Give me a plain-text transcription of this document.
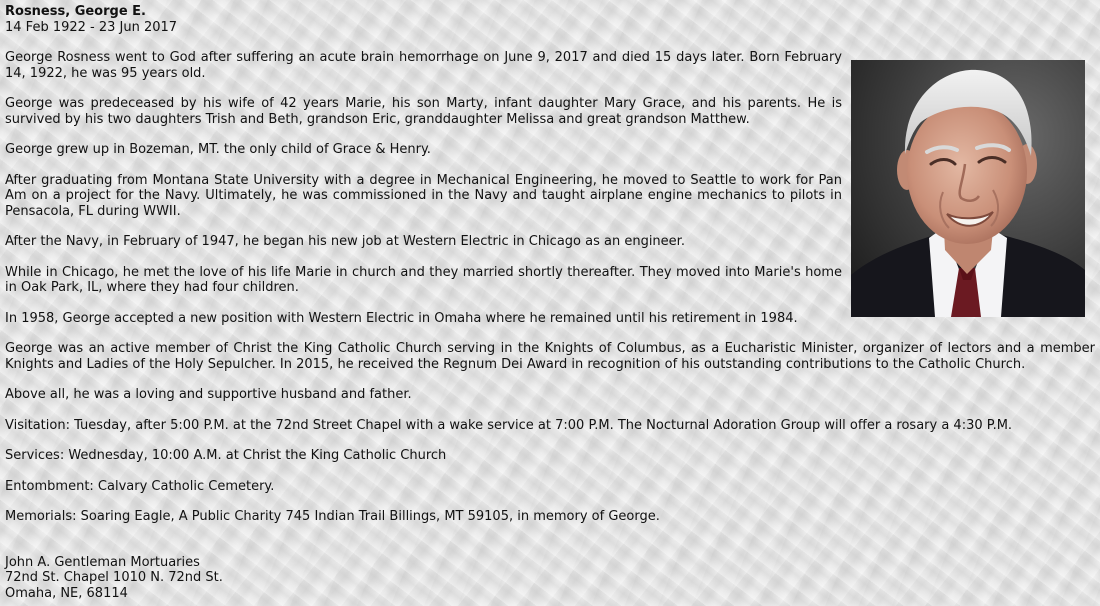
Rosness, George E.
14 Feb 1922 - 23 Jun 2017

George Rosness went to God after suffering an acute brain hemorrhage on June 9, 2017 and died 15 days later. Born February 14, 1922, he was 95 years old.

George was predeceased by his wife of 42 years Marie, his son Marty, infant daughter Mary Grace, and his parents. He is survived by his two daughters Trish and Beth, grandson Eric, granddaughter Melissa and great grandson Matthew.

George grew up in Bozeman, MT. the only child of Grace & Henry.

After graduating from Montana State University with a degree in Mechanical Engineering, he moved to Seattle to work for Pan Am on a project for the Navy. Ultimately, he was commissioned in the Navy and taught airplane engine mechanics to pilots in Pensacola, FL during WWII.

After the Navy, in February of 1947, he began his new job at Western Electric in Chicago as an engineer.

While in Chicago, he met the love of his life Marie in church and they married shortly thereafter. They moved into Marie's home in Oak Park, IL, where they had four children.

In 1958, George accepted a new position with Western Electric in Omaha where he remained until his retirement in 1984.

George was an active member of Christ the King Catholic Church serving in the Knights of Columbus, as a Eucharistic Minister, organizer of lectors and a member Knights and Ladies of the Holy Sepulcher. In 2015, he received the Regnum Dei Award in recognition of his outstanding contributions to the Catholic Church.

Above all, he was a loving and supportive husband and father.

Visitation: Tuesday, after 5:00 P.M. at the 72nd Street Chapel with a wake service at 7:00 P.M. The Nocturnal Adoration Group will offer a rosary a 4:30 P.M.

Services: Wednesday, 10:00 A.M. at Christ the King Catholic Church

Entombment: Calvary Catholic Cemetery.

Memorials: Soaring Eagle, A Public Charity 745 Indian Trail Billings, MT 59105, in memory of George.

John A. Gentleman Mortuaries
72nd St. Chapel 1010 N. 72nd St.
Omaha, NE, 68114
